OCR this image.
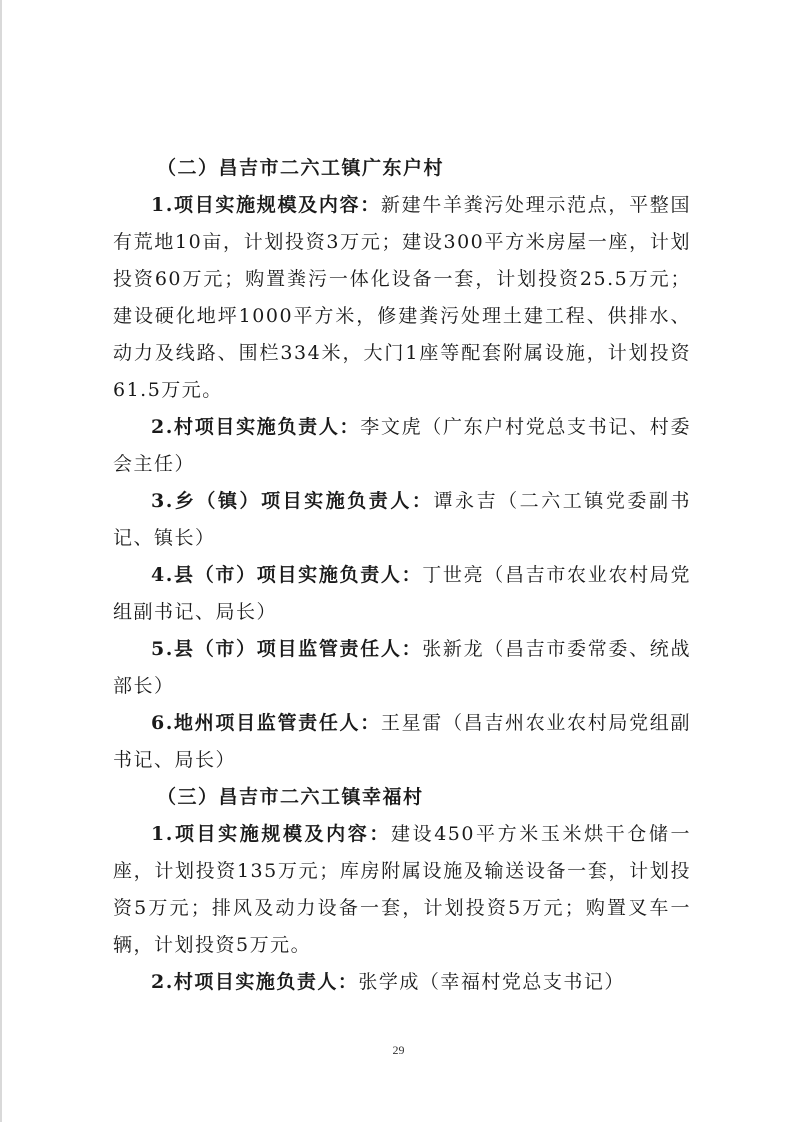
（二）昌吉市二六工镇广东户村

1.项目实施规模及内容：新建牛羊粪污处理示范点，平整国有荒地10亩，计划投资3万元；建设300平方米房屋一座，计划投资60万元；购置粪污一体化设备一套，计划投资25.5万元；建设硬化地坪1000平方米，修建粪污处理土建工程、供排水、动力及线路、围栏334米，大门1座等配套附属设施，计划投资61.5万元。

2.村项目实施负责人：李文虎（广东户村党总支书记、村委会主任）

3.乡（镇）项目实施负责人：谭永吉（二六工镇党委副书记、镇长）

4.县（市）项目实施负责人：丁世亮（昌吉市农业农村局党组副书记、局长）

5.县（市）项目监管责任人：张新龙（昌吉市委常委、统战部长）

6.地州项目监管责任人：王星雷（昌吉州农业农村局党组副书记、局长）

（三）昌吉市二六工镇幸福村

1.项目实施规模及内容：建设450平方米玉米烘干仓储一座，计划投资135万元；库房附属设施及输送设备一套，计划投资5万元；排风及动力设备一套，计划投资5万元；购置叉车一辆，计划投资5万元。

2.村项目实施负责人：张学成（幸福村党总支书记）

29
